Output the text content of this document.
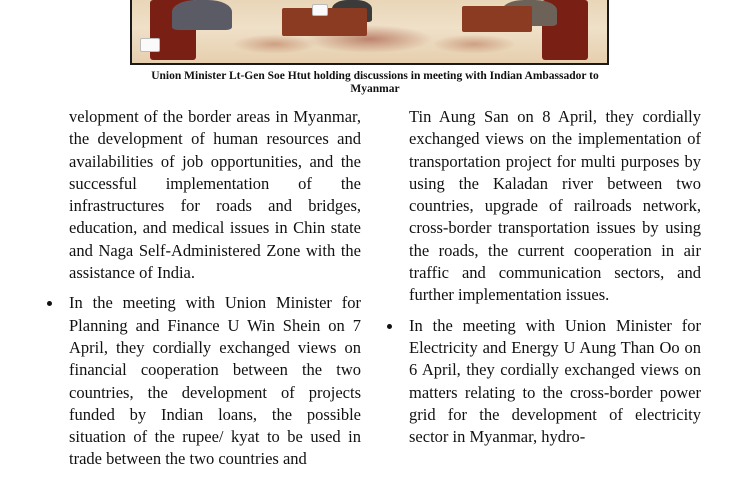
Union Minister Lt-Gen Soe Htut holding discussions in meeting with Indian Ambassador to Myanmar

velopment of the border areas in Myanmar, the development of human resources and availabilities of job opportunities, and the successful implementation of the infrastructures for roads and bridges, education, and medical issues in Chin state and Naga Self-Administered Zone with the assistance of India.

In the meeting with Union Minister for Planning and Finance U Win Shein on 7 April, they cordially exchanged views on financial cooperation between the two countries, the development of projects funded by Indian loans, the possible situation of the rupee/ kyat to be used in trade between the two countries and

Tin Aung San on 8 April, they cordially exchanged views on the implementation of transportation project for multi purposes by using the Kaladan river between two countries, upgrade of railroads network, cross-border transportation issues by using the roads, the current cooperation in air traffic and communication sectors, and further implementation issues.

In the meeting with Union Minister for Electricity and Energy U Aung Than Oo on 6 April, they cordially exchanged views on matters relating to the cross-border power grid for the development of electricity sector in Myanmar, hydro-
